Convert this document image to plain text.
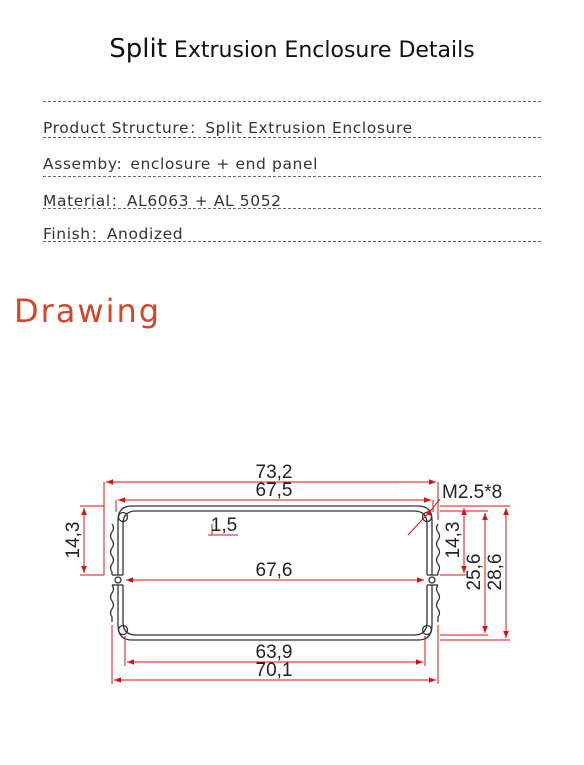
Split Extrusion Enclosure Details
Product Structure：Split Extrusion Enclosure
Assemby: enclosure + end panel
Material：AL6063 + AL 5052
Finish：Anodized
Drawing
73,2
67,5	M2.5*8
1,5
67,6
63,9
70,1
14,3	14,3
25,6 28,6
